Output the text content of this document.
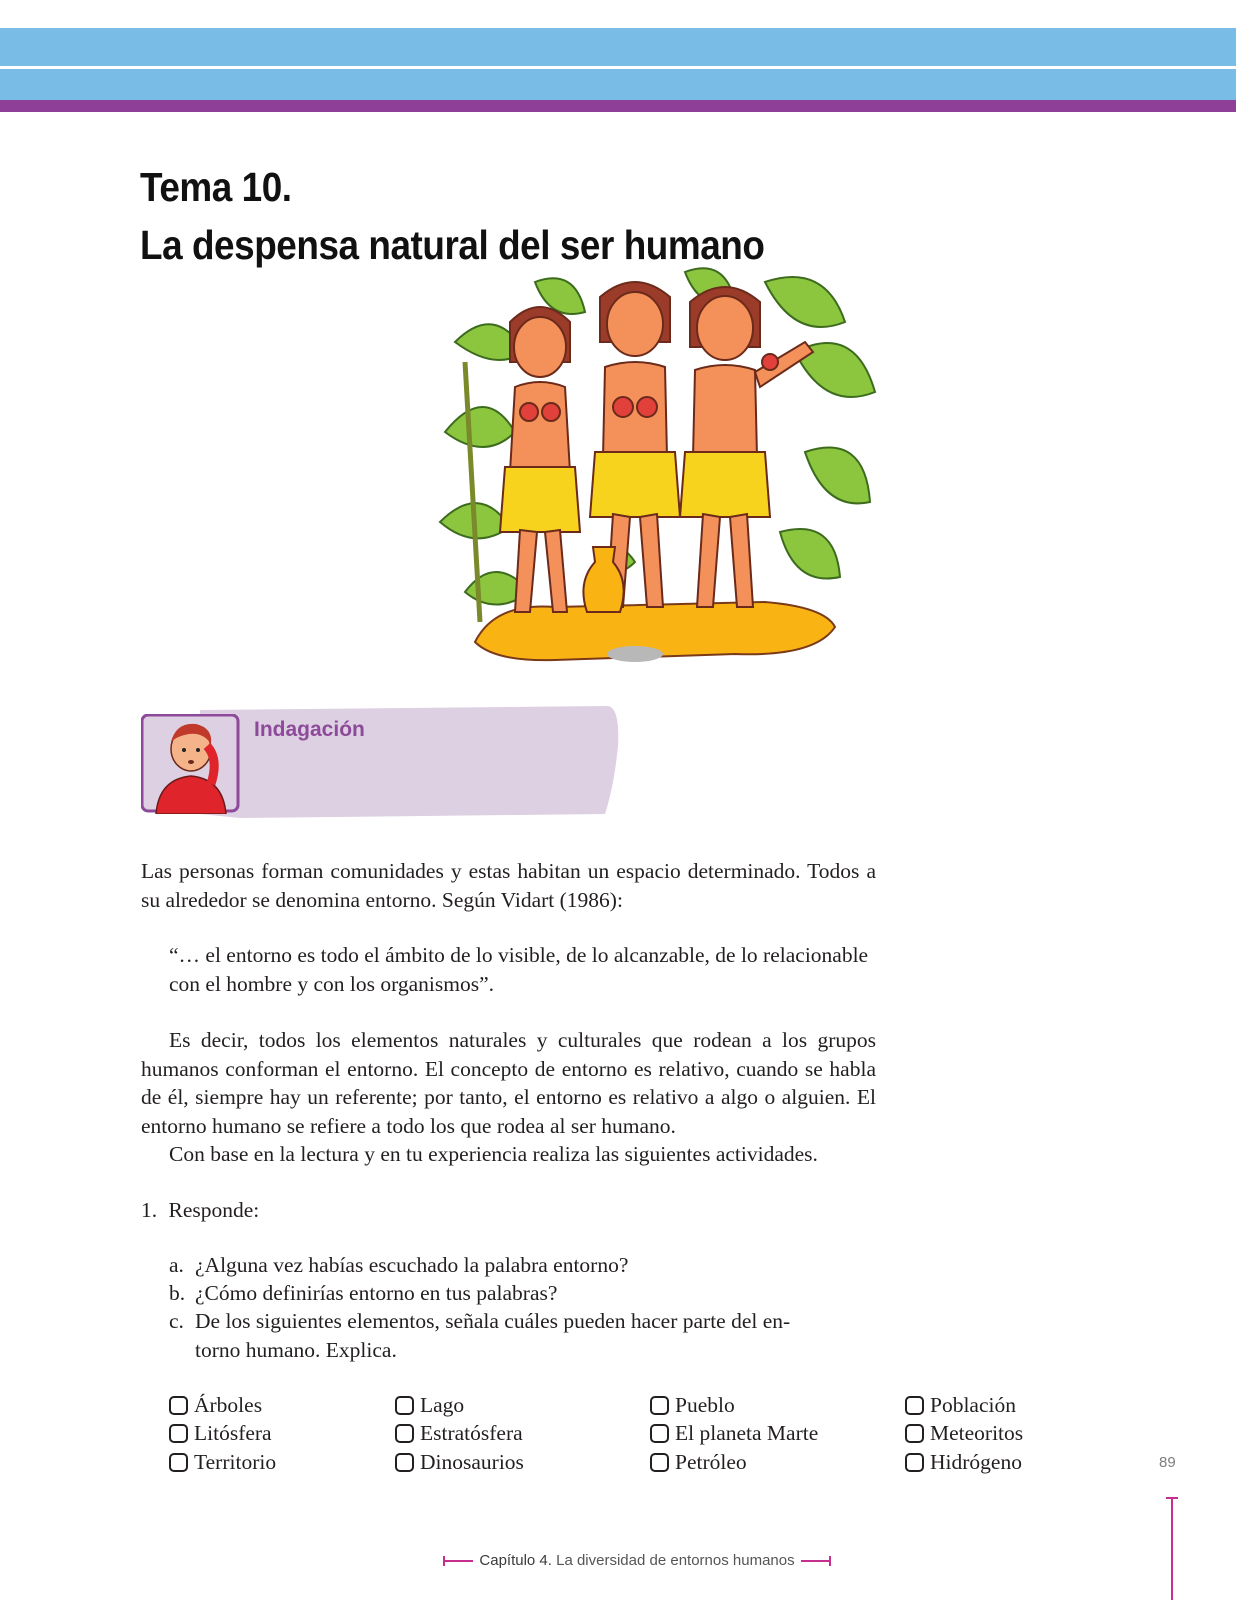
Tema 10.
La despensa natural del ser humano
Indagación

Las personas forman comunidades y estas habitan un espacio determinado. Todos a su alrededor se denomina entorno. Según Vidart (1986):

“… el entorno es todo el ámbito de lo visible, de lo alcanzable, de lo relacionable con el hombre y con los organismos”.

Es decir, todos los elementos naturales y culturales que rodean a los grupos humanos conforman el entorno. El concepto de entorno es relativo, cuando se habla de él, siempre hay un referente; por tanto, el entorno es relativo a algo o alguien. El entorno humano se refiere a todo los que rodea al ser humano.
Con base en la lectura y en tu experiencia realiza las siguientes actividades.
1. Responde:
a. ¿Alguna vez habías escuchado la palabra entorno?
b. ¿Cómo definirías entorno en tus palabras?
c. De los siguientes elementos, señala cuáles pueden hacer parte del en-
torno humano. Explica.
Árboles
Litósfera
Territorio
Lago
Estratósfera
Dinosaurios
Pueblo
El planeta Marte
Petróleo
Población
Meteoritos
Hidrógeno	89
Capítulo 4. La diversidad de entornos humanos
